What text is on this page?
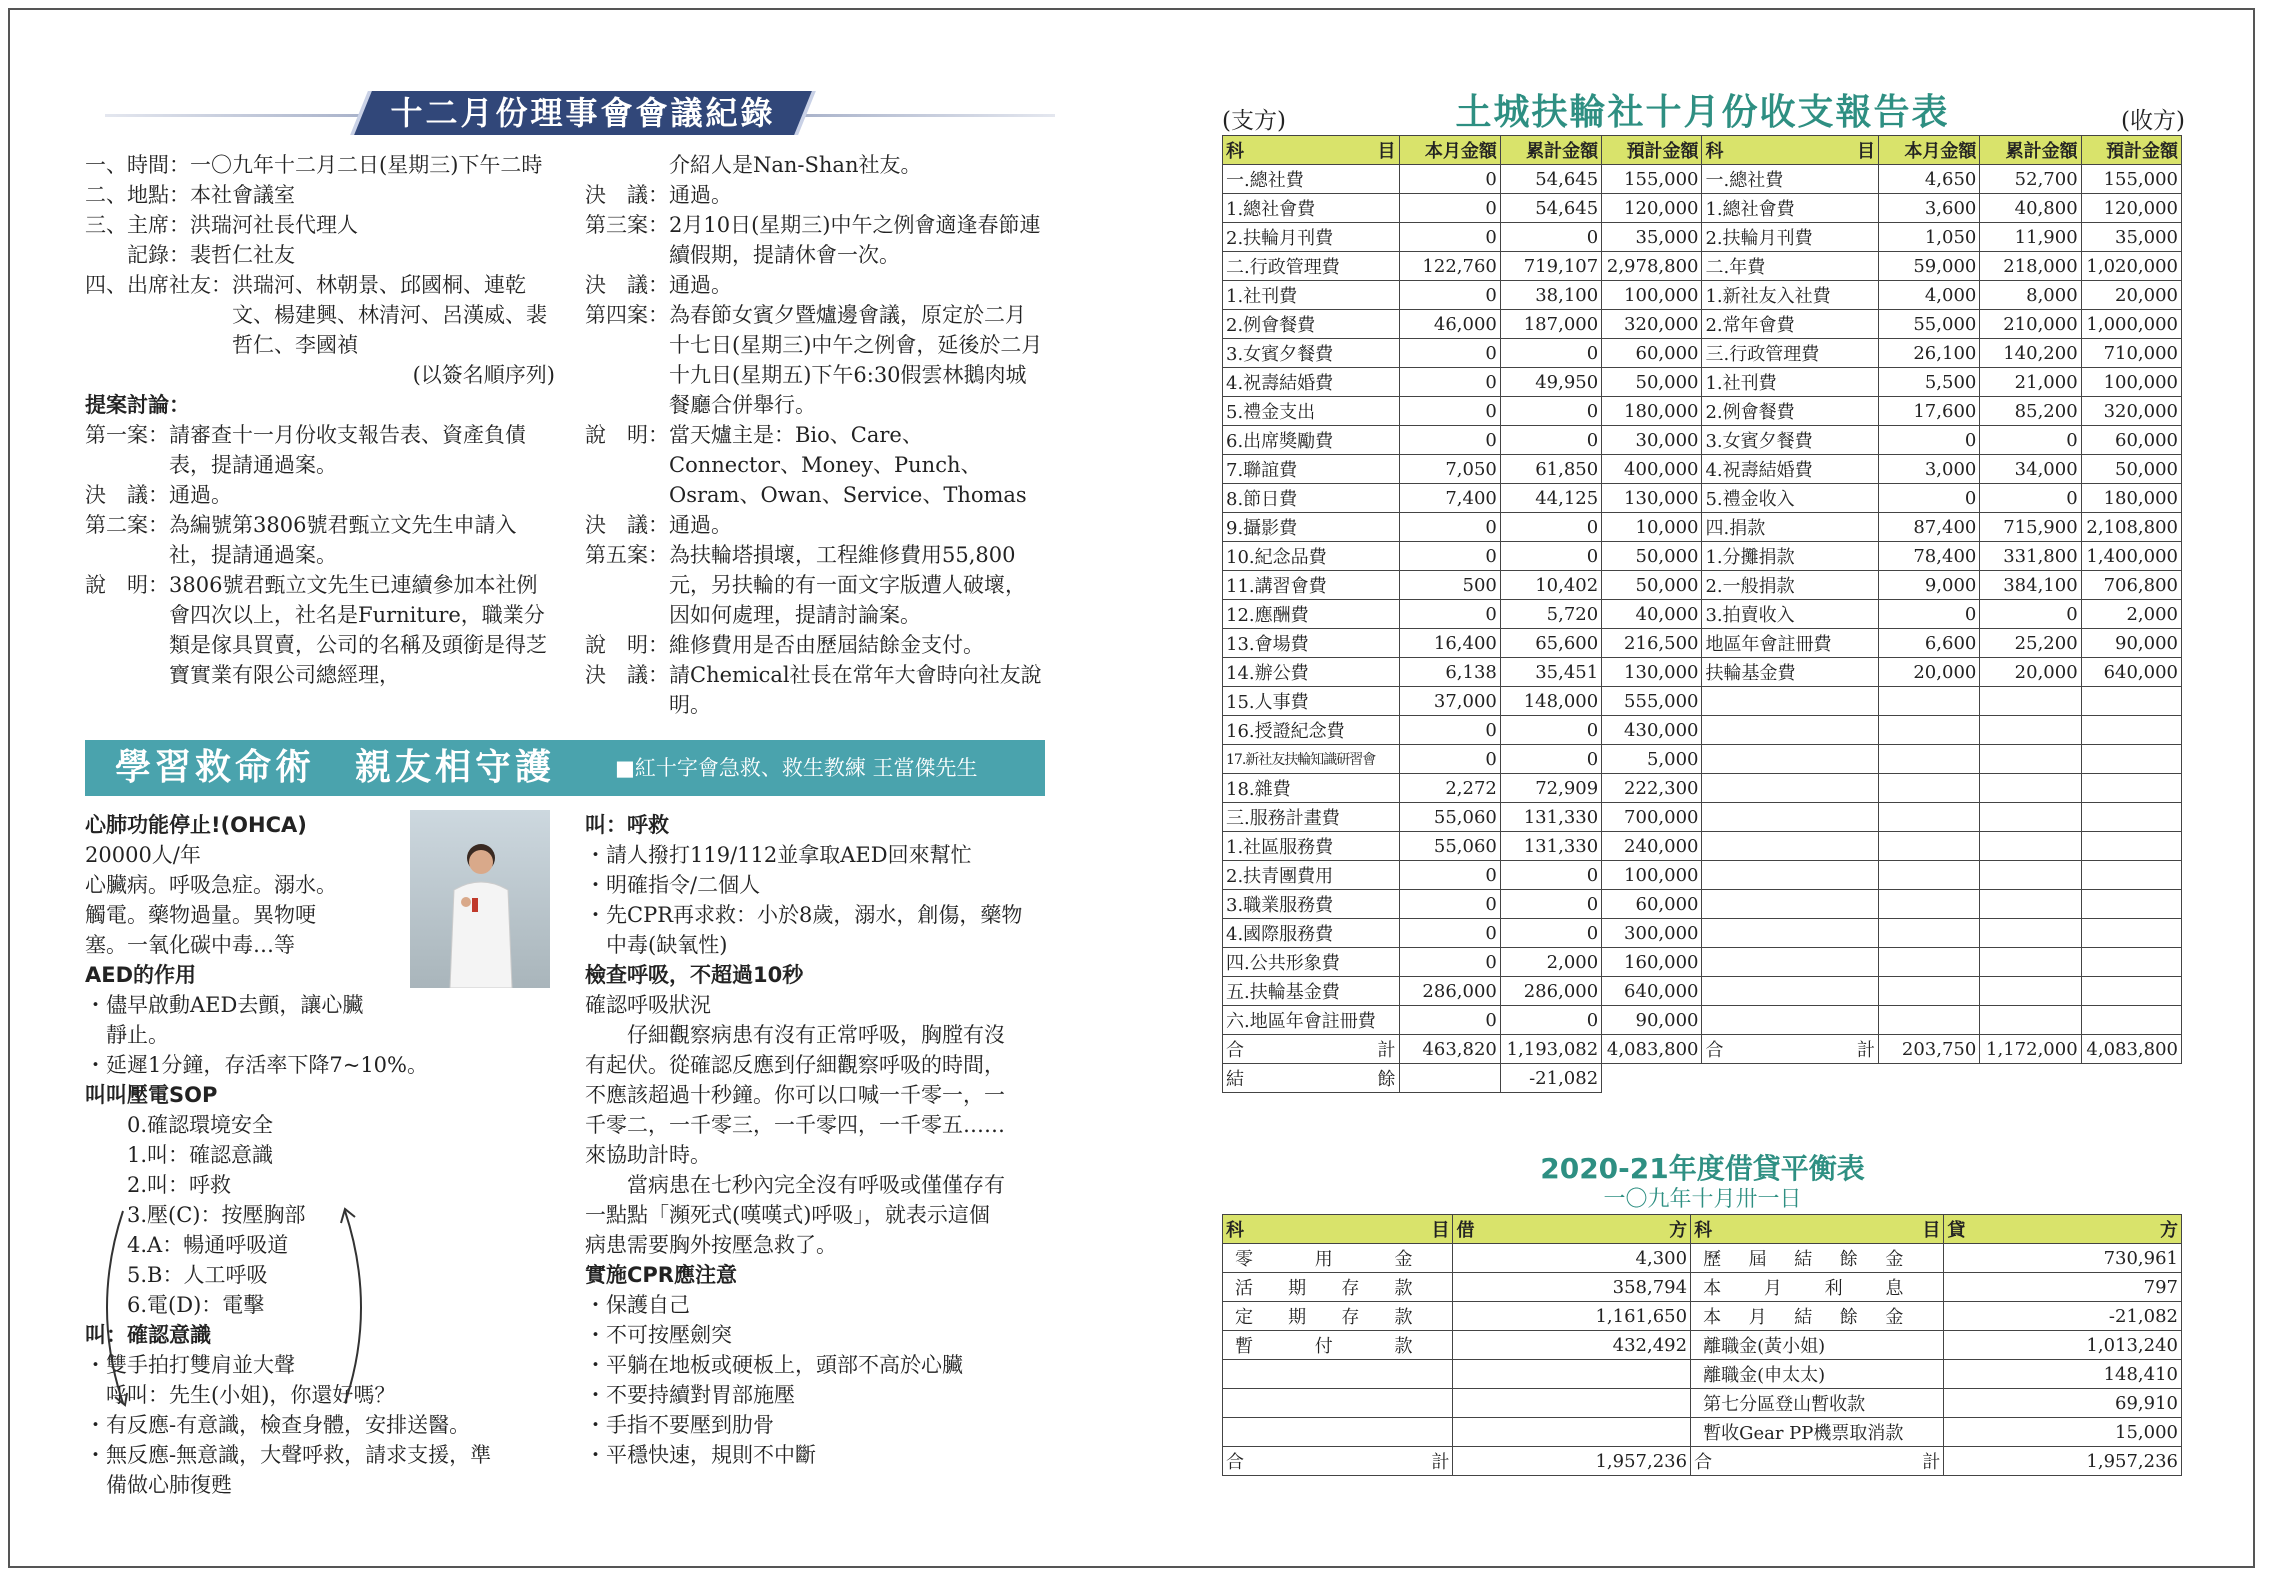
十二月份理事會會議紀錄
一、時間： 一〇九年十二月二日(星期三)下午二時
二、地點： 本社會議室
三、主席： 洪瑞河社長代理人
　　記錄： 裴哲仁社友
四、出席社友： 洪瑞河、林朝景、邱國桐、連乾文、楊建興、林清河、呂漢威、裴哲仁、李國禎
(以簽名順序列)
提案討論：
第一案： 請審查十一月份收支報告表、資產負債表，提請通過案。
決　議： 通過。
第二案： 為編號第3806號君甄立文先生申請入社，提請通過案。
說　明： 3806號君甄立文先生已連續參加本社例會四次以上，社名是Furniture，職業分類是傢具買賣，公司的名稱及頭銜是得芝寶實業有限公司總經理，

介紹人是Nan-Shan社友。
決　議： 通過。
第三案： 2月10日(星期三)中午之例會適逢春節連續假期，提請休會一次。
決　議： 通過。
第四案： 為春節女賓夕暨爐邊會議，原定於二月十七日(星期三)中午之例會，延後於二月十九日(星期五)下午6:30假雲林鵝肉城餐廳合併舉行。
說　明： 當天爐主是：Bio、Care、Connector、Money、Punch、Osram、Owan、Service、Thomas
決　議： 通過。
第五案： 為扶輪塔損壞，工程維修費用55,800元，另扶輪的有一面文字版遭人破壞，因如何處理，提請討論案。
說　明： 維修費用是否由歷屆結餘金支付。
決　議： 請Chemical社長在常年大會時向社友說明。
學習救命術　親友相守護	■紅十字會急救、救生教練 王當傑先生
心肺功能停止!(OHCA)
20000人/年
心臟病。呼吸急症。溺水。
觸電。藥物過量。異物哽
塞。一氧化碳中毒…等
AED的作用
・儘早啟動AED去顫，讓心臟
　靜止。
・延遲1分鐘，存活率下降7~10%。
叫叫壓電SOP
　　0.確認環境安全
　　1.叫：確認意識
　　2.叫：呼救
　　3.壓(C)：按壓胸部
　　4.A：暢通呼吸道
　　5.B：人工呼吸
　　6.電(D)：電擊
叫：確認意識
・雙手拍打雙肩並大聲
　呼叫：先生(小姐)，你還好嗎？
・有反應-有意識，檢查身體，安排送醫。
・無反應-無意識，大聲呼救，請求支援，準
　備做心肺復甦
叫：呼救
・請人撥打119/112並拿取AED回來幫忙
・明確指令/二個人
・先CPR再求救：小於8歲，溺水，創傷，藥物
　中毒(缺氧性)
檢查呼吸，不超過10秒
確認呼吸狀況
　　仔細觀察病患有沒有正常呼吸，胸膛有沒
有起伏。從確認反應到仔細觀察呼吸的時間，
不應該超過十秒鐘。你可以口喊一千零一，一
千零二，一千零三，一千零四，一千零五……
來協助計時。
　　當病患在七秒內完全沒有呼吸或僅僅存有
一點點「瀕死式(嘆嘆式)呼吸」，就表示這個
病患需要胸外按壓急救了。
實施CPR應注意
・保護自己
・不可按壓劍突
・平躺在地板或硬板上，頭部不高於心臟
・不要持續對胃部施壓
・手指不要壓到肋骨
・平穩快速，規則不中斷
(支方)	土城扶輪社十月份收支報告表	(收方)
科　　　　目	本月金額	累計金額	預計金額	科　　　　目	本月金額	累計金額	預計金額
一.總社費	0	54,645	155,000	一.總社費	4,650	52,700	155,000
1.總社會費	0	54,645	120,000	1.總社會費	3,600	40,800	120,000
2.扶輪月刊費	0	0	35,000	2.扶輪月刊費	1,050	11,900	35,000
二.行政管理費	122,760	719,107	2,978,800	二.年費	59,000	218,000	1,020,000
1.社刊費	0	38,100	100,000	1.新社友入社費	4,000	8,000	20,000
2.例會餐費	46,000	187,000	320,000	2.常年會費	55,000	210,000	1,000,000
3.女賓夕餐費	0	0	60,000	三.行政管理費	26,100	140,200	710,000
4.祝壽結婚費	0	49,950	50,000	1.社刊費	5,500	21,000	100,000
5.禮金支出	0	0	180,000	2.例會餐費	17,600	85,200	320,000
6.出席獎勵費	0	0	30,000	3.女賓夕餐費	0	0	60,000
7.聯誼費	7,050	61,850	400,000	4.祝壽結婚費	3,000	34,000	50,000
8.節日費	7,400	44,125	130,000	5.禮金收入	0	0	180,000
9.攝影費	0	0	10,000	四.捐款	87,400	715,900	2,108,800
10.紀念品費	0	0	50,000	1.分攤捐款	78,400	331,800	1,400,000
11.講習會費	500	10,402	50,000	2.一般捐款	9,000	384,100	706,800
12.應酬費	0	5,720	40,000	3.拍賣收入	0	0	2,000
13.會場費	16,400	65,600	216,500	地區年會註冊費	6,600	25,200	90,000
14.辦公費	6,138	35,451	130,000	扶輪基金費	20,000	20,000	640,000
15.人事費	37,000	148,000	555,000				
16.授證紀念費	0	0	430,000				
17.新社友扶輪知識研習會	0	0	5,000				
18.雜費	2,272	72,909	222,300				
三.服務計畫費	55,060	131,330	700,000				
1.社區服務費	55,060	131,330	240,000				
2.扶青團費用	0	0	100,000				
3.職業服務費	0	0	60,000				
4.國際服務費	0	0	300,000				
四.公共形象費	0	2,000	160,000				
五.扶輪基金費	286,000	286,000	640,000				
六.地區年會註冊費	0	0	90,000				
合　　　　計	463,820	1,193,082	4,083,800	合　　　　計	203,750	1,172,000	4,083,800
結　　　　餘		-21,082					
2020-21年度借貸平衡表
一〇九年十月卅一日
科　　　　目	借　　　　方	科　　　　目	貸　　　　方
零用金	4,300	歷屆結餘金	730,961
活期存款	358,794	本月利息	797
定期存款	1,161,650	本月結餘金	-21,082
暫付款	432,492	離職金(黃小姐)	1,013,240
		離職金(申太太)	148,410
		第七分區登山暫收款	69,910
		暫收Gear PP機票取消款	15,000
合　　　　計	1,957,236	合　　　　計	1,957,236
